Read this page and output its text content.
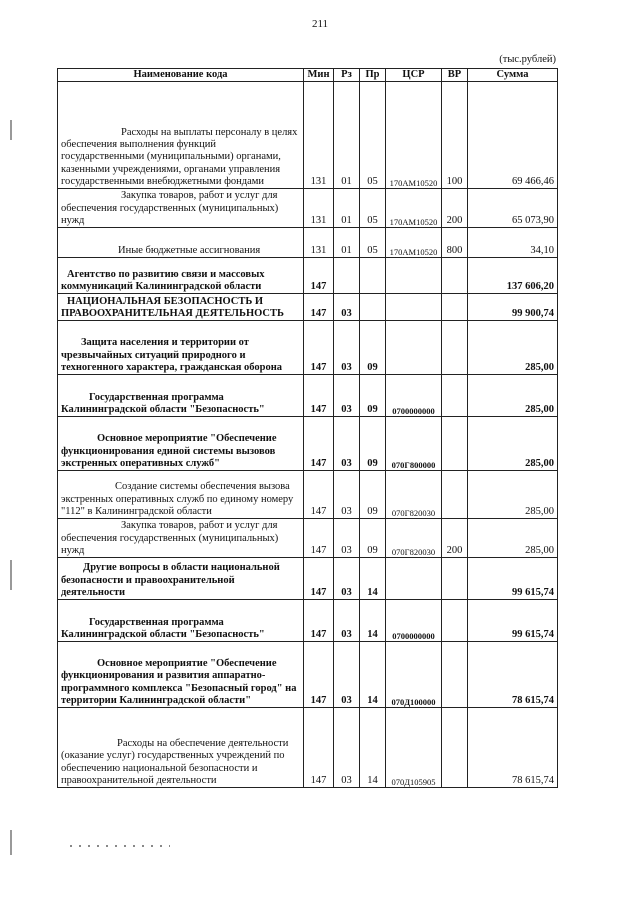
211
(тыс.рублей)
Наименование кода	Мин	Рз	Пр	ЦСР	ВР	Сумма
Расходы на выплаты персоналу в целях обеспечения выполнения функций государственными (муниципальными) органами, казенными учреждениями, органами управления государственными внебюджетными фондами	131	01	05	170АМ10520	100	69 466,46
Закупка товаров, работ и услуг для обеспечения государственных (муниципальных) нужд	131	01	05	170АМ10520	200	65 073,90
Иные бюджетные ассигнования	131	01	05	170АМ10520	800	34,10
Агентство по развитию связи и массовых коммуникаций Калининградской области	147					137 606,20
НАЦИОНАЛЬНАЯ БЕЗОПАСНОСТЬ И ПРАВООХРАНИТЕЛЬНАЯ ДЕЯТЕЛЬНОСТЬ	147	03				99 900,74
Защита населения и территории от чрезвычайных ситуаций природного и техногенного характера, гражданская оборона	147	03	09			285,00
Государственная программа Калининградской области "Безопасность"	147	03	09	0700000000		285,00
Основное мероприятие "Обеспечение функционирования единой системы вызовов экстренных оперативных служб"	147	03	09	070Г800000		285,00
Создание системы обеспечения вызова экстренных оперативных служб по единому номеру "112" в Калининградской области	147	03	09	070Г820030		285,00
Закупка товаров, работ и услуг для обеспечения государственных (муниципальных) нужд	147	03	09	070Г820030	200	285,00
Другие вопросы в области национальной безопасности и правоохранительной деятельности	147	03	14			99 615,74
Государственная программа Калининградской области "Безопасность"	147	03	14	0700000000		99 615,74
Основное мероприятие "Обеспечение функционирования и развития аппаратно-программного комплекса "Безопасный город" на территории Калининградской области"	147	03	14	070Д100000		78 615,74
Расходы на обеспечение деятельности (оказание услуг) государственных учреждений по обеспечению национальной безопасности и правоохранительной деятельности	147	03	14	070Д105905		78 615,74
